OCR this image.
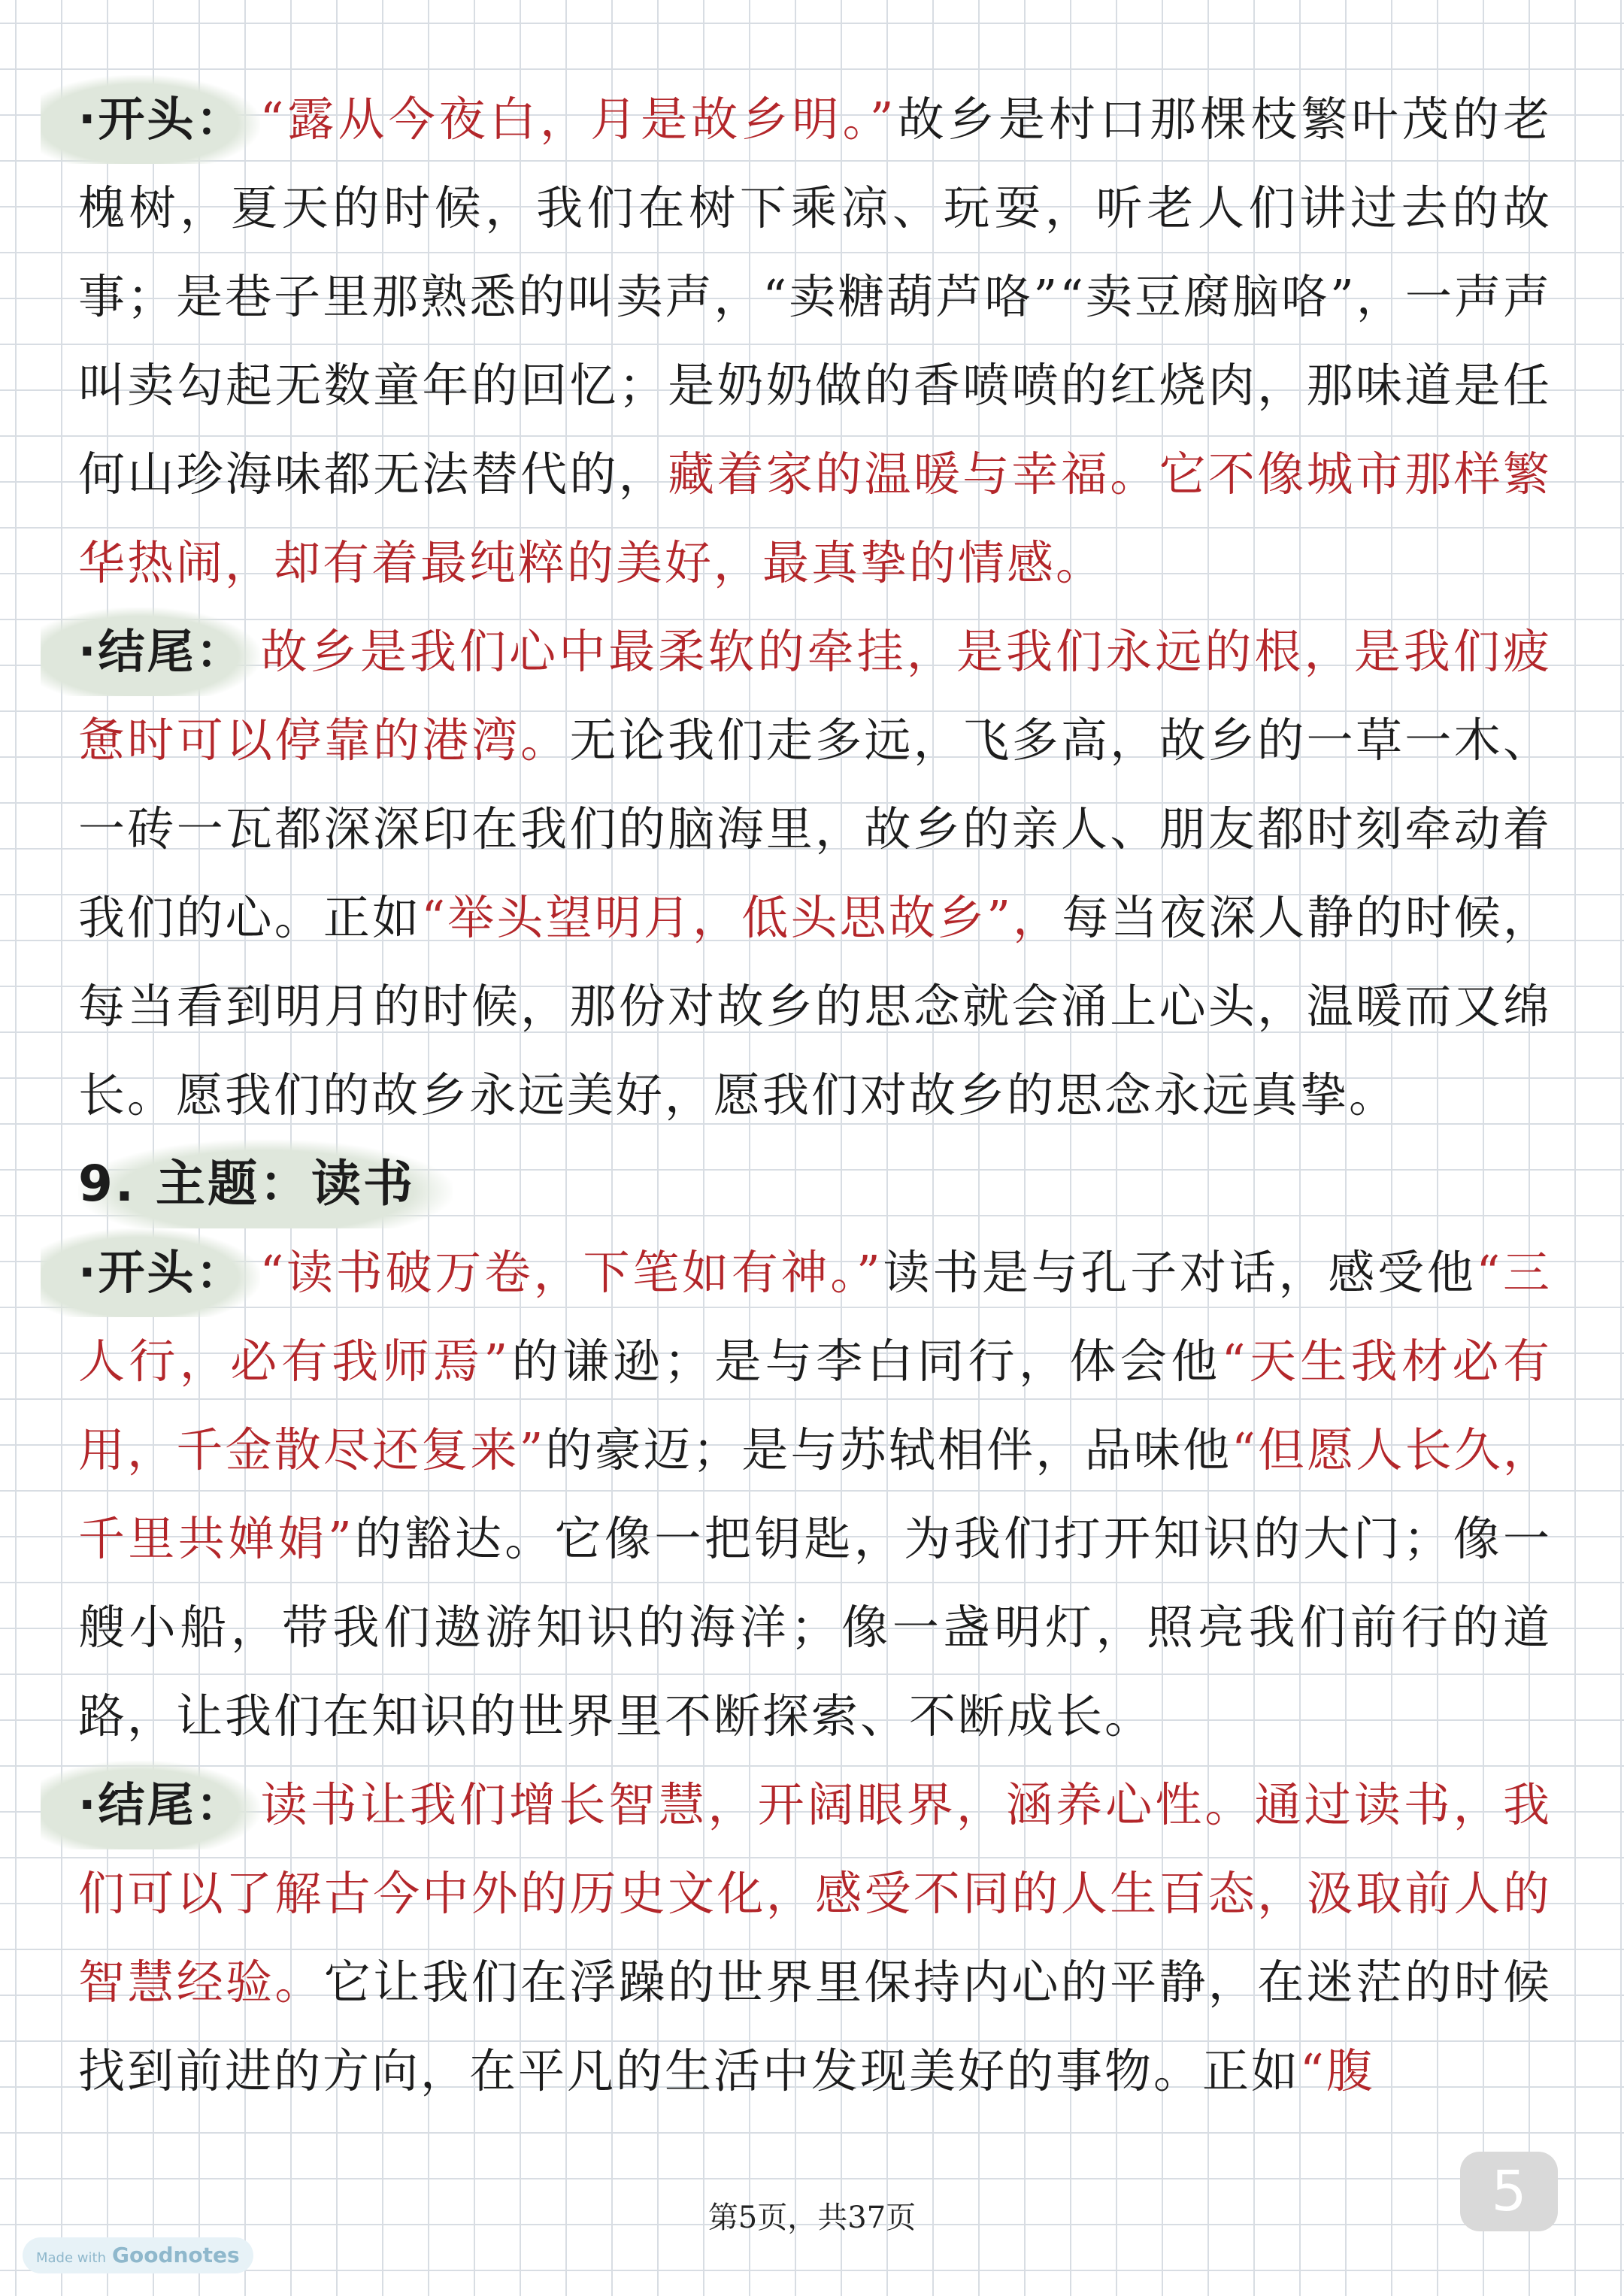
·开头： “露从今夜白，月是故乡明。”故乡是村口那棵枝繁叶茂的老槐树，夏天的时候，我们在树下乘凉、玩耍，听老人们讲过去的故事；是巷子里那熟悉的叫卖声，“卖糖葫芦咯”“卖豆腐脑咯”，一声声叫卖勾起无数童年的回忆；是奶奶做的香喷喷的红烧肉，那味道是任何山珍海味都无法替代的，藏着家的温暖与幸福。它不像城市那样繁华热闹，却有着最纯粹的美好，最真挚的情感。

·结尾： 故乡是我们心中最柔软的牵挂，是我们永远的根，是我们疲惫时可以停靠的港湾。无论我们走多远，飞多高，故乡的一草一木、一砖一瓦都深深印在我们的脑海里，故乡的亲人、朋友都时刻牵动着我们的心。正如“举头望明月，低头思故乡”，每当夜深人静的时候，每当看到明月的时候，那份对故乡的思念就会涌上心头，温暖而又绵长。愿我们的故乡永远美好，愿我们对故乡的思念永远真挚。

9. 主题：读书

·开头： “读书破万卷，下笔如有神。”读书是与孔子对话，感受他“三人行，必有我师焉”的谦逊；是与李白同行，体会他“天生我材必有用，千金散尽还复来”的豪迈；是与苏轼相伴，品味他“但愿人长久，千里共婵娟”的豁达。它像一把钥匙，为我们打开知识的大门；像一艘小船，带我们遨游知识的海洋；像一盏明灯，照亮我们前行的道路，让我们在知识的世界里不断探索、不断成长。

·结尾： 读书让我们增长智慧，开阔眼界，涵养心性。通过读书，我们可以了解古今中外的历史文化，感受不同的人生百态，汲取前人的智慧经验。它让我们在浮躁的世界里保持内心的平静，在迷茫的时候找到前进的方向，在平凡的生活中发现美好的事物。正如“腹

第5页，共37页	5
Made with Goodnotes
